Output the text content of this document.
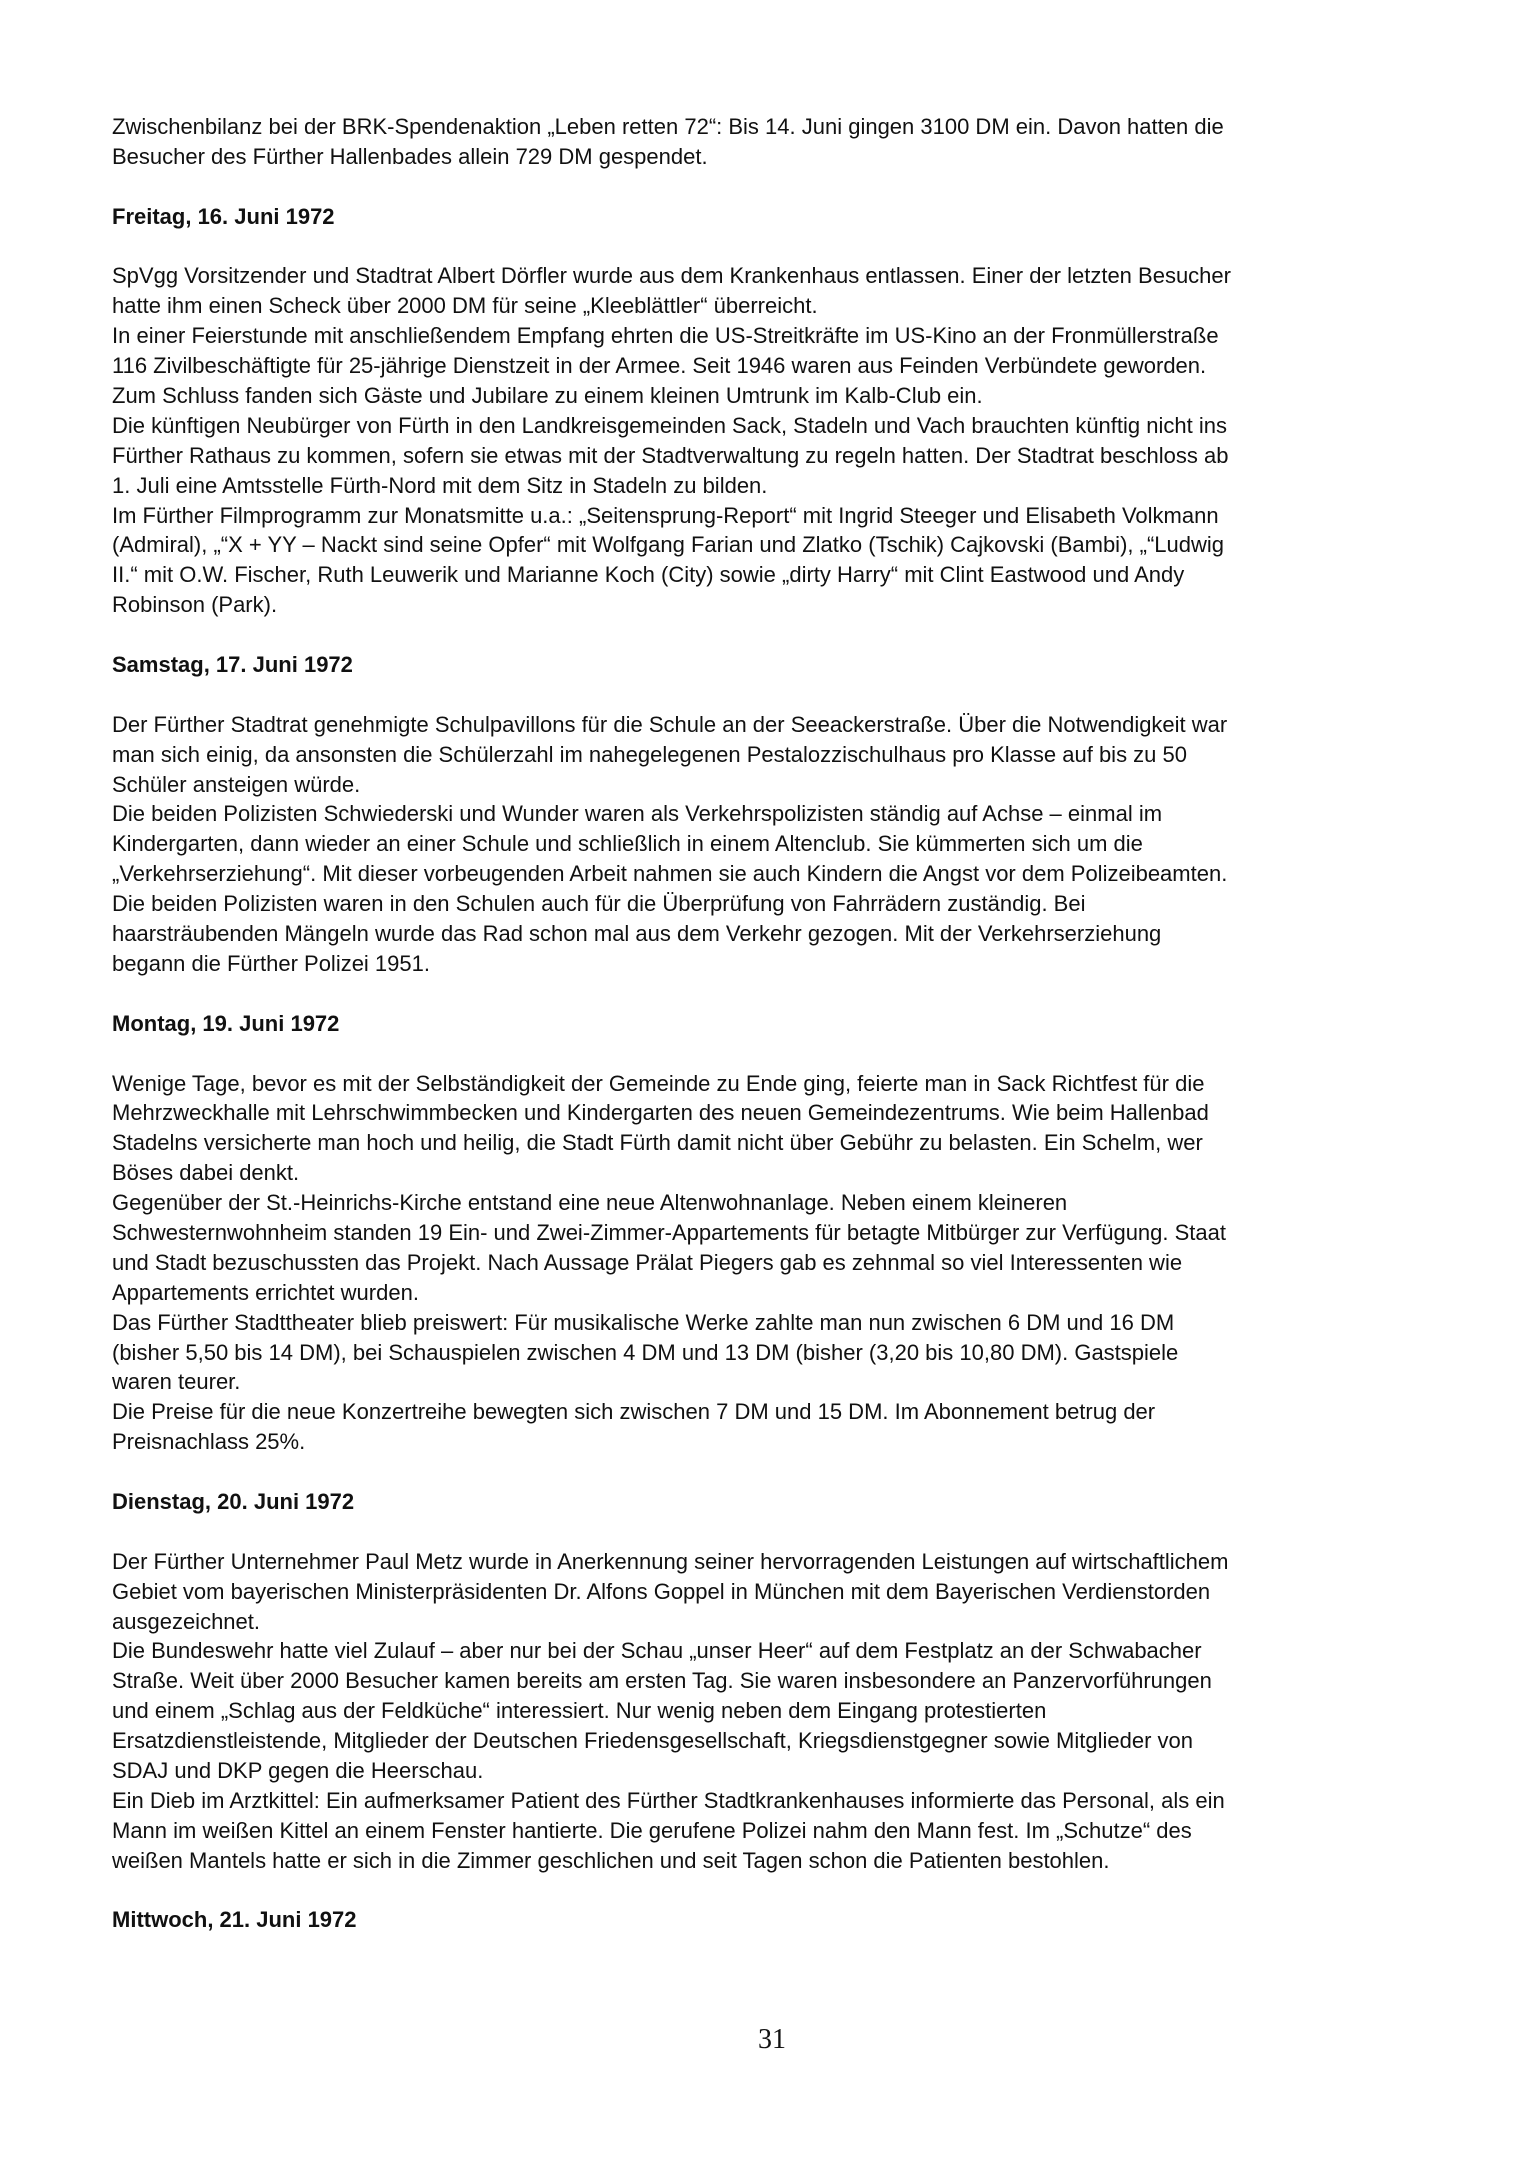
Zwischenbilanz bei der BRK-Spendenaktion „Leben retten 72“: Bis 14. Juni gingen 3100 DM ein. Davon hatten die
Besucher des Fürther Hallenbades allein 729 DM gespendet.
Freitag, 16. Juni 1972
SpVgg Vorsitzender und Stadtrat Albert Dörfler wurde aus dem Krankenhaus entlassen. Einer der letzten Besucher
hatte ihm einen Scheck über 2000 DM für seine „Kleeblättler“ überreicht.
In einer Feierstunde mit anschließendem Empfang ehrten die US-Streitkräfte im US-Kino an der Fronmüllerstraße
116 Zivilbeschäftigte für 25-jährige Dienstzeit in der Armee. Seit 1946 waren aus Feinden Verbündete geworden.
Zum Schluss fanden sich Gäste und Jubilare zu einem kleinen Umtrunk im Kalb-Club ein.
Die künftigen Neubürger von Fürth in den Landkreisgemeinden Sack, Stadeln und Vach brauchten künftig nicht ins
Fürther Rathaus zu kommen, sofern sie etwas mit der Stadtverwaltung zu regeln hatten. Der Stadtrat beschloss ab
1. Juli eine Amtsstelle Fürth-Nord mit dem Sitz in Stadeln zu bilden.
Im Fürther Filmprogramm zur Monatsmitte u.a.: „Seitensprung-Report“ mit Ingrid Steeger und Elisabeth Volkmann
(Admiral), „“X + YY – Nackt sind seine Opfer“ mit Wolfgang Farian und Zlatko (Tschik) Cajkovski (Bambi), „“Ludwig
II.“ mit O.W. Fischer, Ruth Leuwerik und Marianne Koch (City) sowie „dirty Harry“ mit Clint Eastwood und Andy
Robinson (Park).
Samstag, 17. Juni 1972
Der Fürther Stadtrat genehmigte Schulpavillons für die Schule an der Seeackerstraße. Über die Notwendigkeit war
man sich einig, da ansonsten die Schülerzahl im nahegelegenen Pestalozzischulhaus pro Klasse auf bis zu 50
Schüler ansteigen würde.
Die beiden Polizisten Schwiederski und Wunder waren als Verkehrspolizisten ständig auf Achse – einmal im
Kindergarten, dann wieder an einer Schule und schließlich in einem Altenclub. Sie kümmerten sich um die
„Verkehrserziehung“. Mit dieser vorbeugenden Arbeit nahmen sie auch Kindern die Angst vor dem Polizeibeamten.
Die beiden Polizisten waren in den Schulen auch für die Überprüfung von Fahrrädern zuständig. Bei
haarsträubenden Mängeln wurde das Rad schon mal aus dem Verkehr gezogen. Mit der Verkehrserziehung
begann die Fürther Polizei 1951.
Montag, 19. Juni 1972
Wenige Tage, bevor es mit der Selbständigkeit der Gemeinde zu Ende ging, feierte man in Sack Richtfest für die
Mehrzweckhalle mit Lehrschwimmbecken und Kindergarten des neuen Gemeindezentrums. Wie beim Hallenbad
Stadelns versicherte man hoch und heilig, die Stadt Fürth damit nicht über Gebühr zu belasten. Ein Schelm, wer
Böses dabei denkt.
Gegenüber der St.-Heinrichs-Kirche entstand eine neue Altenwohnanlage. Neben einem kleineren
Schwesternwohnheim standen 19 Ein- und Zwei-Zimmer-Appartements für betagte Mitbürger zur Verfügung. Staat
und Stadt bezuschussten das Projekt. Nach Aussage Prälat Piegers gab es zehnmal so viel Interessenten wie
Appartements errichtet wurden.
Das Fürther Stadttheater blieb preiswert: Für musikalische Werke zahlte man nun zwischen 6 DM und 16 DM
(bisher 5,50 bis 14 DM), bei Schauspielen zwischen 4 DM und 13 DM (bisher (3,20 bis 10,80 DM). Gastspiele
waren teurer.
Die Preise für die neue Konzertreihe bewegten sich zwischen 7 DM und 15 DM. Im Abonnement betrug der
Preisnachlass 25%.
Dienstag, 20. Juni 1972
Der Fürther Unternehmer Paul Metz wurde in Anerkennung seiner hervorragenden Leistungen auf wirtschaftlichem
Gebiet vom bayerischen Ministerpräsidenten Dr. Alfons Goppel in München mit dem Bayerischen Verdienstorden
ausgezeichnet.
Die Bundeswehr hatte viel Zulauf – aber nur bei der Schau „unser Heer“ auf dem Festplatz an der Schwabacher
Straße. Weit über 2000 Besucher kamen bereits am ersten Tag. Sie waren insbesondere an Panzervorführungen
und einem „Schlag aus der Feldküche“ interessiert. Nur wenig neben dem Eingang protestierten
Ersatzdienstleistende, Mitglieder der Deutschen Friedensgesellschaft, Kriegsdienstgegner sowie Mitglieder von
SDAJ und DKP gegen die Heerschau.
Ein Dieb im Arztkittel: Ein aufmerksamer Patient des Fürther Stadtkrankenhauses informierte das Personal, als ein
Mann im weißen Kittel an einem Fenster hantierte. Die gerufene Polizei nahm den Mann fest. Im „Schutze“ des
weißen Mantels hatte er sich in die Zimmer geschlichen und seit Tagen schon die Patienten bestohlen.
Mittwoch, 21. Juni 1972
31
